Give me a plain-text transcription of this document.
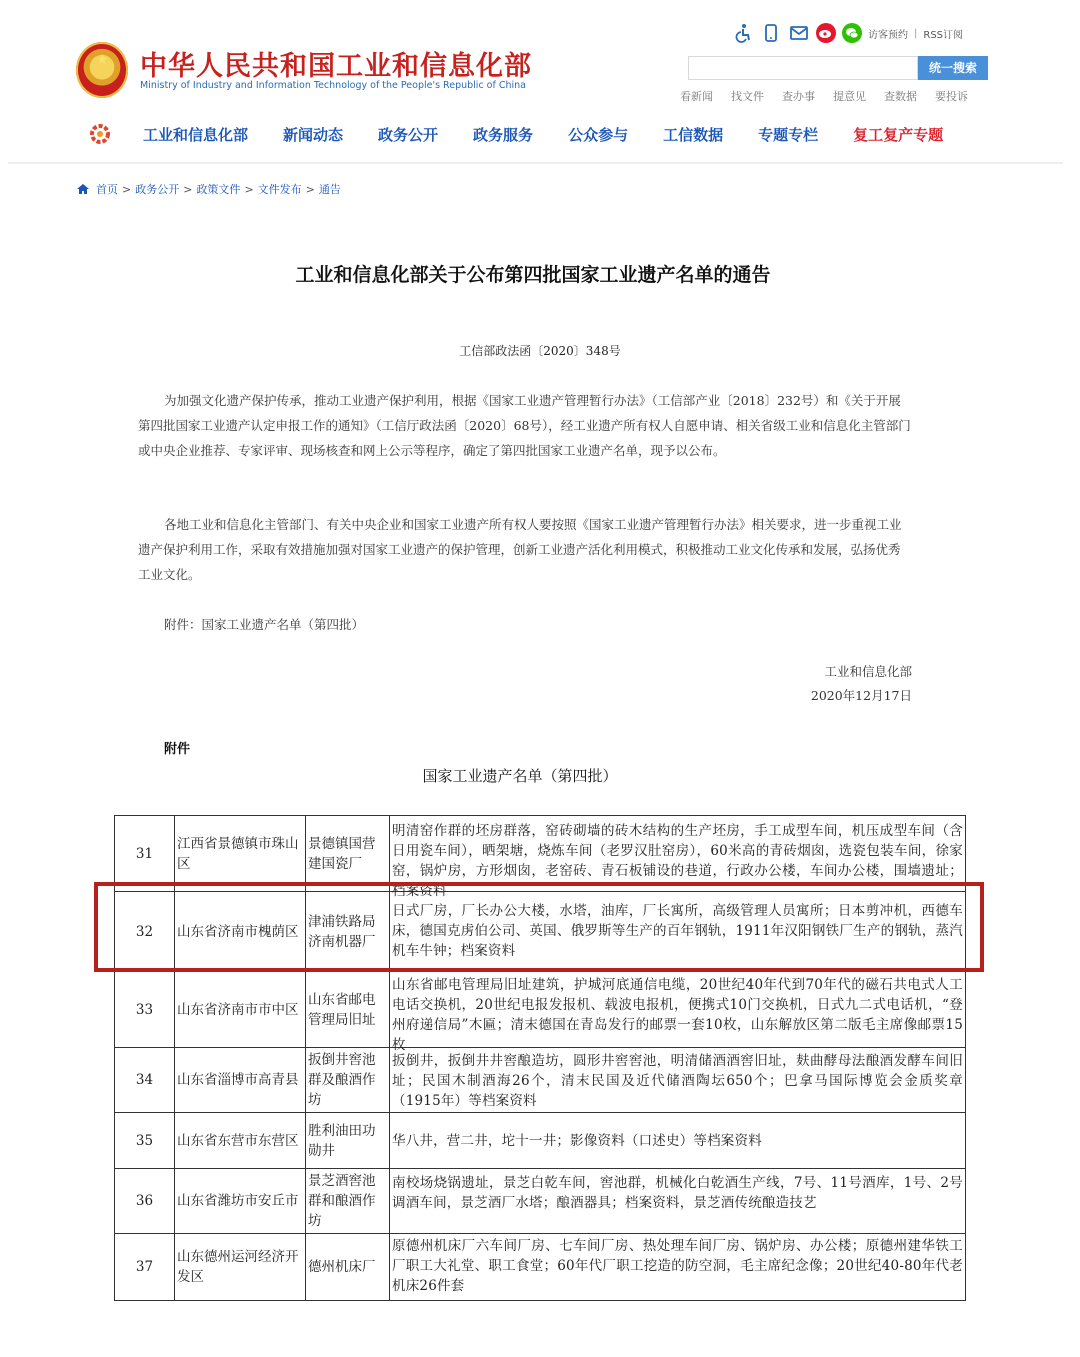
★ 中华人民共和国工业和信息化部
Ministry of Industry and Information Technology of the People's Republic of China
访客预约 | RSS订阅
统一搜索
看新闻 找文件 查办事 提意见 查数据 要投诉
工业和信息化部 新闻动态 政务公开 政务服务 公众参与 工信数据 专题专栏 复工复产专题
首页 > 政务公开 > 政策文件 > 文件发布 > 通告
工业和信息化部关于公布第四批国家工业遗产名单的通告
工信部政法函〔2020〕348号
为加强文化遗产保护传承，推动工业遗产保护利用，根据《国家工业遗产管理暂行办法》（工信部产业〔2018〕232号）和《关于开展第四批国家工业遗产认定申报工作的通知》（工信厅政法函〔2020〕68号），经工业遗产所有权人自愿申请、相关省级工业和信息化主管部门或中央企业推荐、专家评审、现场核查和网上公示等程序，确定了第四批国家工业遗产名单，现予以公布。
各地工业和信息化主管部门、有关中央企业和国家工业遗产所有权人要按照《国家工业遗产管理暂行办法》相关要求，进一步重视工业遗产保护利用工作，采取有效措施加强对国家工业遗产的保护管理，创新工业遗产活化利用模式，积极推动工业文化传承和发展，弘扬优秀工业文化。
附件：国家工业遗产名单（第四批）
工业和信息化部
2020年12月17日
附件
国家工业遗产名单（第四批）
31	江西省景德镇市珠山区	景德镇国营建国瓷厂	明清窑作群的坯房群落，窑砖砌墙的砖木结构的生产坯房，手工成型车间，机压成型车间（含日用瓷车间），晒架塘，烧炼车间（老罗汉肚窑房），60米高的青砖烟囱，选瓷包装车间，徐家窑，锅炉房，方形烟囱，老窑砖、青石板铺设的巷道，行政办公楼，车间办公楼，围墙遗址；档案资料

32	山东省济南市槐荫区	津浦铁路局济南机器厂	日式厂房，厂长办公大楼，水塔，油库，厂长寓所，高级管理人员寓所；日本剪冲机，西德车床，德国克虏伯公司、英国、俄罗斯等生产的百年钢轨，1911年汉阳钢铁厂生产的钢轨，蒸汽机车牛钟；档案资料

33	山东省济南市市中区	山东省邮电管理局旧址	山东省邮电管理局旧址建筑，护城河底通信电缆，20世纪40年代到70年代的磁石共电式人工电话交换机，20世纪电报发报机、载波电报机，便携式10门交换机，日式九二式电话机，“登州府递信局”木匾；清末德国在青岛发行的邮票一套10枚，山东解放区第二版毛主席像邮票15枚

34	山东省淄博市高青县	扳倒井窖池群及酿酒作坊	扳倒井，扳倒井井窖酿造坊，圆形井窖窖池，明清储酒酒窖旧址，麸曲酵母法酿酒发酵车间旧址；民国木制酒海26个，清末民国及近代储酒陶坛650个；巴拿马国际博览会金质奖章（1915年）等档案资料

35	山东省东营市东营区	胜利油田功勋井	华八井，营二井，坨十一井；影像资料（口述史）等档案资料
36	山东省潍坊市安丘市	景芝酒窖池群和酿酒作坊	南校场烧锅遗址，景芝白乾车间，窖池群，机械化白乾酒生产线，7号、11号酒库，1号、2号调酒车间，景芝酒厂水塔；酿酒器具；档案资料，景芝酒传统酿造技艺

37	山东德州运河经济开发区	德州机床厂	原德州机床厂六车间厂房、七车间厂房、热处理车间厂房、锅炉房、办公楼；原德州建华铁工厂职工大礼堂、职工食堂；60年代厂职工挖造的防空洞，毛主席纪念像；20世纪40-80年代老机床26件套
